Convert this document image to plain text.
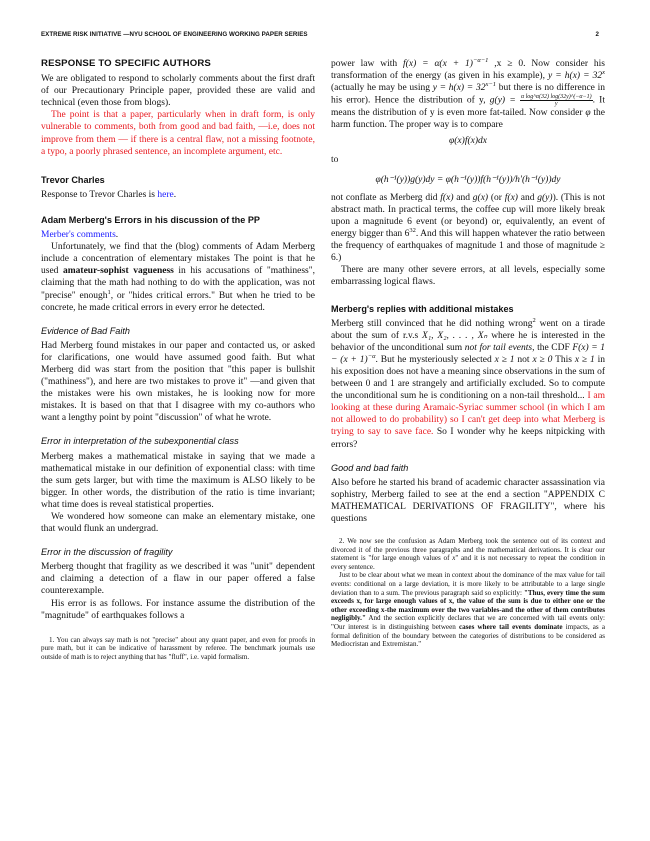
EXTREME RISK INITIATIVE —NYU SCHOOL OF ENGINEERING WORKING PAPER SERIES	2
RESPONSE TO SPECIFIC AUTHORS

We are obligated to respond to scholarly comments about the first draft of our Precautionary Principle paper, provided these are valid and technical (even those from blogs).

The point is that a paper, particularly when in draft form, is only vulnerable to comments, both from good and bad faith, —i.e, does not improve from them — if there is a central flaw, not a missing footnote, a typo, a poorly phrased sentence, an incomplete argument, etc.

Trevor Charles

Response to Trevor Charles is here.

Adam Merberg's Errors in his discussion of the PP

Merber's comments.

Unfortunately, we find that the (blog) comments of Adam Merberg include a concentration of elementary mistakes The point is that he used amateur-sophist vagueness in his accusations of "mathiness", claiming that the math had nothing to do with the application, was not "precise" enough$^1$, or "hides critical errors." But when he tried to be concrete, he made critical errors in every error he detected.

Evidence of Bad Faith

Had Merberg found mistakes in our paper and contacted us, or asked for clarifications, one would have assumed good faith. But what Merberg did was start from the position that "this paper is bullshit ("mathiness"), and here are two mistakes to prove it" —and given that the mistakes were his own mistakes, he is looking now for more mistakes. It is based on that that I disagree with my co-authors who want a lengthy point by point "discussion" of what he wrote.

Error in interpretation of the subexponential class

Merberg makes a mathematical mistake in saying that we made a mathematical mistake in our definition of exponential class: with time the sum gets larger, but with time the maximum is ALSO likely to be bigger. In other words, the distribution of the ratio is time invariant; what time does is reveal statistical properties.

We wondered how someone can make an elementary mistake, one that would flunk an undergrad.

Error in the discussion of fragility

Merberg thought that fragility as we described it was "unit" dependent and claiming a detection of a flaw in our paper offered a false counterexample.

His error is as follows. For instance assume the distribution of the "magnitude" of earthquakes follows a

1. You can always say math is not "precise" about any quant paper, and even for proofs in pure math, but it can be indicative of harassment by referee. The benchmark journals use outside of math is to reject anything that has "fluff", i.e. vapid formalism.

power law with $f(x) = \alpha(x + 1)^{-\alpha-1}$ ,x ≥ 0. Now consider his transformation of the energy (as given in his example), $y = h(x) = 32^x$ (actually he may be using $y = h(x) = 32^{x-1}$ but there is no difference in his error). Hence the distribution of y, $g(y) = \frac{\text{α log\textasciicircum{}α(32) log(32y)\textasciicircum{}(−α−1)}}{y}$ . It means the distribution of y is even more fat-tailed. Now consider φ the harm function. The proper way is to compare

φ(x)f(x)dx

to

φ(h⁻¹(y))g(y)dy = φ(h⁻¹(y))f(h⁻¹(y))/h′(h⁻¹(y))dy

not conflate as Merberg did f(x) and g(x) (or f(x) and g(y)). (This is not abstract math. In practical terms, the coffee cup will more likely break upon a magnitude 6 event (or beyond) or, equivalently, an event of energy bigger than $6^{32}$. And this will happen whatever the ratio between the frequency of earthquakes of magnitude 1 and those of magnitude ≥ 6.)

There are many other severe errors, at all levels, especially some embarrassing logical flaws.

Merberg's replies with additional mistakes

Merberg still convinced that he did nothing wrong$^2$ went on a tirade about the sum of r.v.s X₁, X₂, . . . , Xₙ where he is interested in the behavior of the unconditional sum not for tail events, the CDF $F(x) = 1 - (x + 1)^{-\alpha}$. But he mysteriously selected x ≥ 1 not x ≥ 0 This x ≥ 1 in his exposition does not have a meaning since observations in the sum of between 0 and 1 are strangely and artificially excluded. So to compute the unconditional sum he is conditioning on a non-tail threshold... I am looking at these during Aramaic-Syriac summer school (in which I am not allowed to do probability) so I can't get deep into what Merberg is trying to say to save face. So I wonder why he keeps nitpicking with errors?

Good and bad faith

Also before he started his brand of academic character assassination via sophistry, Merberg failed to see at the end a section "APPENDIX C MATHEMATICAL DERIVATIONS OF FRAGILITY", where his questions

2. We now see the confusion as Adam Merberg took the sentence out of its context and divorced it of the previous three paragraphs and the mathematical derivations. It is clear our statement is "for large enough values of x" and it is not necessary to repeat the condition in every sentence.

Just to be clear about what we mean in context about the dominance of the max value for tail events: conditional on a large deviation, it is more likely to be attributable to a large single deviation than to a sum. The previous paragraph said so explicitly: "Thus, every time the sum exceeds x, for large enough values of x, the value of the sum is due to either one or the other exceeding x-the maximum over the two variables-and the other of them contributes negligibly." And the section explicitly declares that we are concerned with tail events only: "Our interest is in distinguishing between cases where tail events dominate impacts, as a formal definition of the boundary between the categories of distributions to be considered as Mediocristan and Extremistan."
